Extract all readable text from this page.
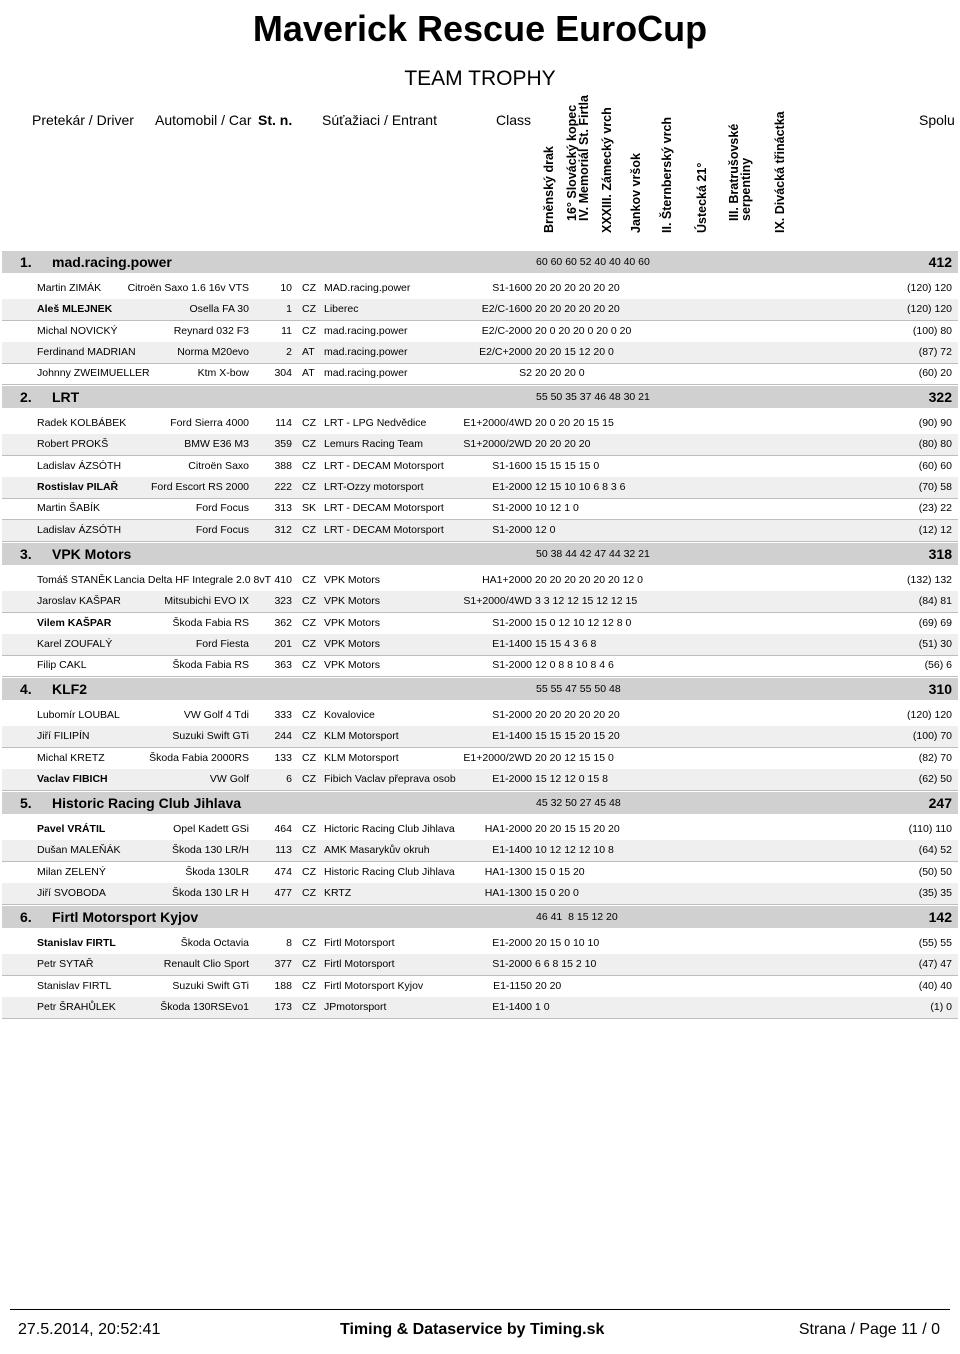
Maverick Rescue EuroCup
TEAM TROPHY
Pretekár / Driver Automobil / Car St. n. Súťažiaci / Entrant	Class	Spolu
Brněnský drak 16° Slovácký kopec
IV. Memoriál St. Firtla XXXIII. Zámecký vrch Jankov vršok II. Šternberský vrch Ústecká 21° III. Bratrušovské
serpentiny IX. Divácká třináctka
1. mad.racing.power	60 60 60 52 40 40 40 60	412
Martin ZIMÁK	Citroën Saxo 1.6 16v VTS	10 CZ MAD.racing.power	S1-1600 20 20 20 20 20 20	(120) 120
Aleš MLEJNEK	Osella FA 30	1 CZ Liberec	E2/C-1600 20 20 20 20 20 20	(120) 120
Michal NOVICKÝ	Reynard 032 F3	11 CZ mad.racing.power	E2/C-2000 20 0 20 20 0 20 0 20	(100) 80
Ferdinand MADRIAN	Norma M20evo	2 AT mad.racing.power	E2/C+2000 20 20 15 12 20 0	(87) 72
Johnny ZWEIMUELLER	Ktm X-bow	304 AT mad.racing.power	S2 20 20 20 0	(60) 20
2. LRT	55 50 35 37 46 48 30 21	322
Radek KOLBÁBEK	Ford Sierra 4000	114 CZ LRT - LPG Nedvědice	E1+2000/4WD 20 0 20 20 15 15	(90) 90
Robert PROKŠ	BMW E36 M3	359 CZ Lemurs Racing Team	S1+2000/2WD 20 20 20 20	(80) 80
Ladislav ÁZSÓTH	Citroën Saxo	388 CZ LRT - DECAM Motorsport	S1-1600 15 15 15 15 0	(60) 60
Rostislav PILAŘ	Ford Escort RS 2000	222 CZ LRT-Ozzy motorsport	E1-2000 12 15 10 10 6 8 3 6	(70) 58
Martin ŠABÍK	Ford Focus	313 SK LRT - DECAM Motorsport	S1-2000 10 12 1 0	(23) 22
Ladislav ÁZSÓTH	Ford Focus	312 CZ LRT - DECAM Motorsport	S1-2000 12 0	(12) 12
3. VPK Motors	50 38 44 42 47 44 32 21	318
Tomáš STANĚK Lancia Delta HF Integrale 2.0 8vT 410 CZ VPK Motors	HA1+2000 20 20 20 20 20 20 12 0	(132) 132
Jaroslav KAŠPAR	Mitsubichi EVO IX	323 CZ VPK Motors	S1+2000/4WD 3 3 12 12 15 12 12 15	(84) 81
Vilem KAŠPAR	Škoda Fabia RS	362 CZ VPK Motors	S1-2000 15 0 12 10 12 12 8 0	(69) 69
Karel ZOUFALÝ	Ford Fiesta	201 CZ VPK Motors	E1-1400 15 15 4 3 6 8	(51) 30
Filip CAKL	Škoda Fabia RS	363 CZ VPK Motors	S1-2000 12 0 8 8 10 8 4 6	(56) 6
4. KLF2	55 55 47 55 50 48	310
Lubomír LOUBAL	VW Golf 4 Tdi	333 CZ Kovalovice	S1-2000 20 20 20 20 20 20	(120) 120
Jiří FILIPÍN	Suzuki Swift GTi	244 CZ KLM Motorsport	E1-1400 15 15 15 20 15 20	(100) 70
Michal KRETZ	Škoda Fabia 2000RS	133 CZ KLM Motorsport	E1+2000/2WD 20 20 12 15 15 0	(82) 70
Vaclav FIBICH	VW Golf	6 CZ Fibich Vaclav přeprava osob	E1-2000 15 12 12 0 15 8	(62) 50
5. Historic Racing Club Jihlava	45 32 50 27 45 48	247
Pavel VRÁTIL	Opel Kadett GSi	464 CZ Hictoric Racing Club Jihlava	HA1-2000 20 20 15 15 20 20	(110) 110
Dušan MALEŇÁK	Škoda 130 LR/H	113 CZ AMK Masarykův okruh	E1-1400 10 12 12 12 10 8	(64) 52
Milan ZELENÝ	Škoda 130LR	474 CZ Historic Racing Club Jihlava	HA1-1300 15 0 15 20	(50) 50
Jiří SVOBODA	Škoda 130 LR H	477 CZ KRTZ	HA1-1300 15 0 20 0	(35) 35
6. Firtl Motorsport Kyjov	46 41  8 15 12 20	142
Stanislav FIRTL	Škoda Octavia	8 CZ Firtl Motorsport	E1-2000 20 15 0 10 10	(55) 55
Petr SYTAŘ	Renault Clio Sport	377 CZ Firtl Motorsport	S1-2000 6 6 8 15 2 10	(47) 47
Stanislav FIRTL	Suzuki Swift GTi	188 CZ Firtl Motorsport Kyjov	E1-1150 20 20	(40) 40
Petr ŠRAHŮLEK	Škoda 130RSEvo1	173 CZ JPmotorsport	E1-1400 1 0	(1) 0
27.5.2014, 20:52:41	Timing & Dataservice by Timing.sk	Strana / Page 11 / 0
